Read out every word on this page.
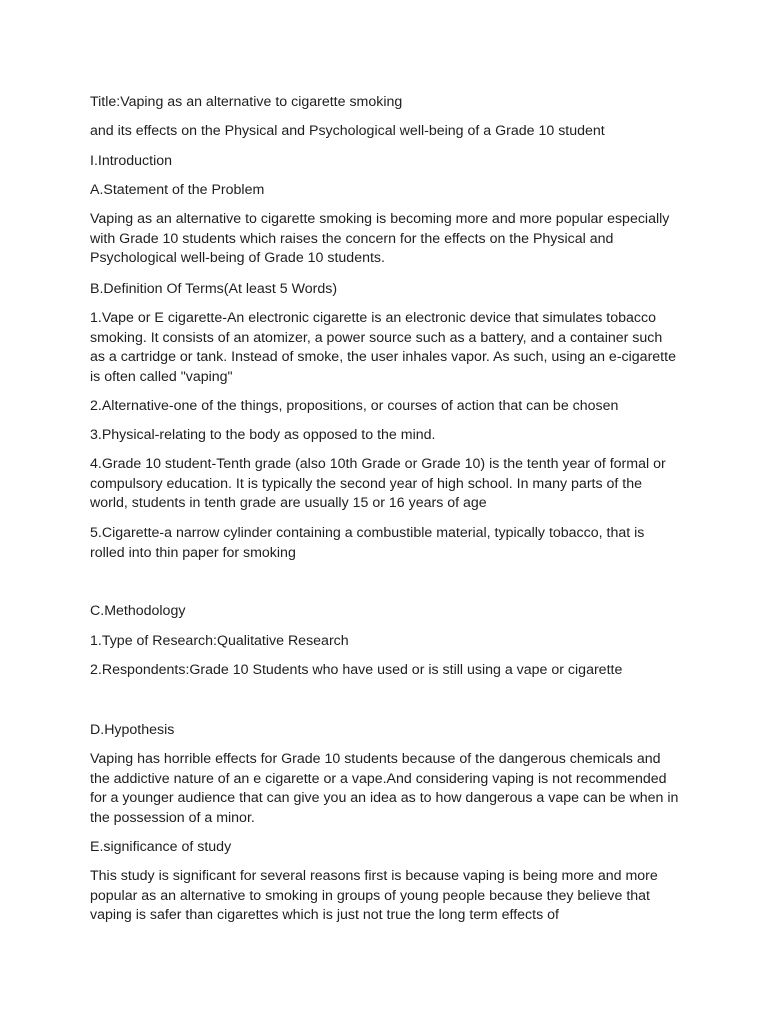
Title:Vaping as an alternative to cigarette smoking

and its effects on the Physical and Psychological well-being of a Grade 10 student

I.Introduction

A.Statement of the Problem

Vaping as an alternative to cigarette smoking is becoming more and more popular especially with Grade 10 students which raises the concern for the effects on the Physical and Psychological well-being of Grade 10 students.

B.Definition Of Terms(At least 5 Words)

1.Vape or E cigarette-An electronic cigarette is an electronic device that simulates tobacco smoking. It consists of an atomizer, a power source such as a battery, and a container such as a cartridge or tank. Instead of smoke, the user inhales vapor. As such, using an e-cigarette is often called "vaping"

2.Alternative-one of the things, propositions, or courses of action that can be chosen

3.Physical-relating to the body as opposed to the mind.

4.Grade 10 student-Tenth grade (also 10th Grade or Grade 10) is the tenth year of formal or compulsory education. It is typically the second year of high school. In many parts of the world, students in tenth grade are usually 15 or 16 years of age

5.Cigarette-a narrow cylinder containing a combustible material, typically tobacco, that is rolled into thin paper for smoking

C.Methodology

1.Type of Research:Qualitative Research

2.Respondents:Grade 10 Students who have used or is still using a vape or cigarette

D.Hypothesis

Vaping has horrible effects for Grade 10 students because of the dangerous chemicals and the addictive nature of an e cigarette or a vape.And considering vaping is not recommended for a younger audience that can give you an idea as to how dangerous a vape can be when in the possession of a minor.

E.significance of study

This study is significant for several reasons first is because vaping is being more and more popular as an alternative to smoking in groups of young people because they believe that vaping is safer than cigarettes which is just not true the long term effects of
